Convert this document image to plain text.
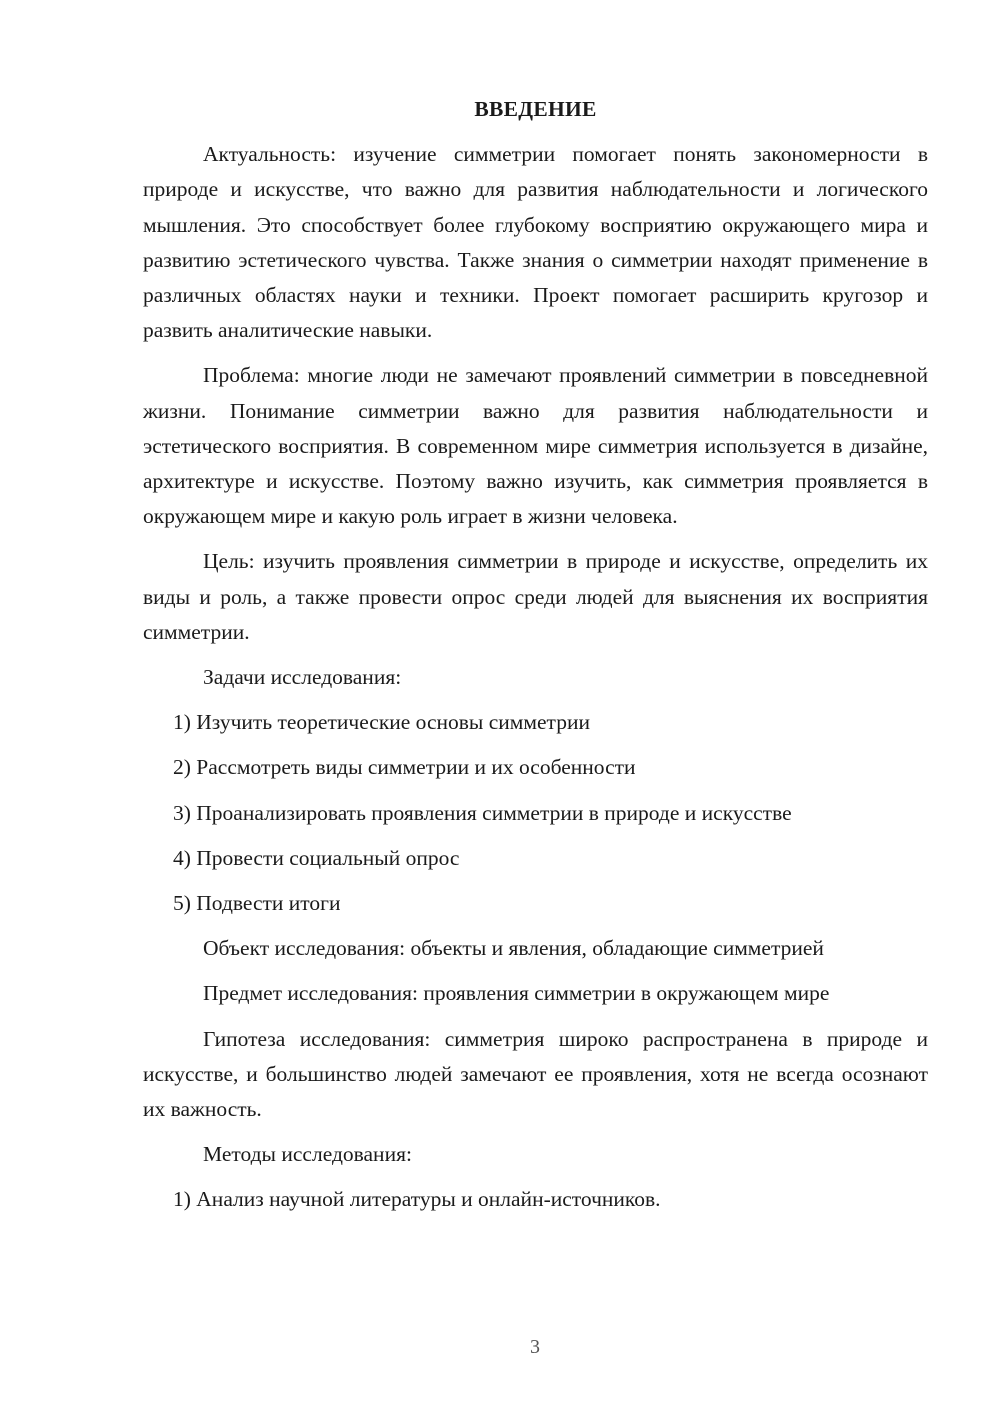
ВВЕДЕНИЕ

Актуальность: изучение симметрии помогает понять закономерности в природе и искусстве, что важно для развития наблюдательности и логического мышления. Это способствует более глубокому восприятию окружающего мира и развитию эстетического чувства. Также знания о симметрии находят применение в различных областях науки и техники. Проект помогает расширить кругозор и развить аналитические навыки.

Проблема: многие люди не замечают проявлений симметрии в повседневной жизни. Понимание симметрии важно для развития наблюдательности и эстетического восприятия. В современном мире симметрия используется в дизайне, архитектуре и искусстве. Поэтому важно изучить, как симметрия проявляется в окружающем мире и какую роль играет в жизни человека.

Цель: изучить проявления симметрии в природе и искусстве, определить их виды и роль, а также провести опрос среди людей для выяснения их восприятия симметрии.

Задачи исследования:
1) Изучить теоретические основы симметрии
2) Рассмотреть виды симметрии и их особенности
3) Проанализировать проявления симметрии в природе и искусстве
4) Провести социальный опрос
5) Подвести итоги
Объект исследования: объекты и явления, обладающие симметрией
Предмет исследования: проявления симметрии в окружающем мире

Гипотеза исследования: симметрия широко распространена в природе и искусстве, и большинство людей замечают ее проявления, хотя не всегда осознают их важность.

Методы исследования:
1) Анализ научной литературы и онлайн-источников.
3
